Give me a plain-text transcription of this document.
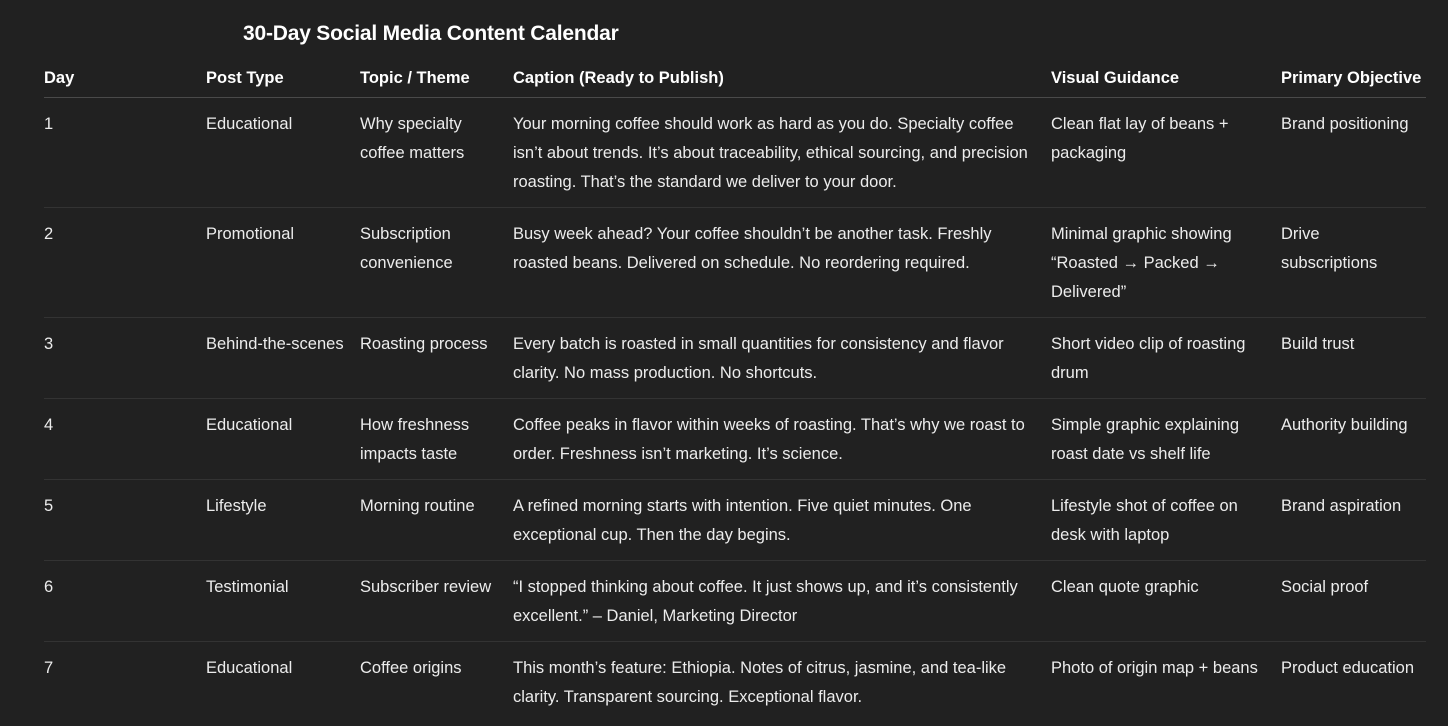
30-Day Social Media Content Calendar
Day	Post Type	Topic / Theme	Caption (Ready to Publish)	Visual Guidance	Primary Objective
1	Educational	Why specialty coffee matters	Your morning coffee should work as hard as you do. Specialty coffee isn’t about trends. It’s about traceability, ethical sourcing, and precision roasting. That’s the standard we deliver to your door.	Clean flat lay of beans + packaging	Brand positioning
2	Promotional	Subscription convenience	Busy week ahead? Your coffee shouldn’t be another task. Freshly roasted beans. Delivered on schedule. No reordering required.	Minimal graphic showing “Roasted → Packed → Delivered”	Drive subscriptions
3	Behind-the-scenes	Roasting process	Every batch is roasted in small quantities for consistency and flavor clarity. No mass production. No shortcuts.	Short video clip of roasting drum	Build trust
4	Educational	How freshness impacts taste	Coffee peaks in flavor within weeks of roasting. That’s why we roast to order. Freshness isn’t marketing. It’s science.	Simple graphic explaining roast date vs shelf life	Authority building
5	Lifestyle	Morning routine	A refined morning starts with intention. Five quiet minutes. One exceptional cup. Then the day begins.	Lifestyle shot of coffee on desk with laptop	Brand aspiration
6	Testimonial	Subscriber review	“I stopped thinking about coffee. It just shows up, and it’s consistently excellent.” – Daniel, Marketing Director	Clean quote graphic	Social proof
7	Educational	Coffee origins	This month’s feature: Ethiopia. Notes of citrus, jasmine, and tea-like clarity. Transparent sourcing. Exceptional flavor.	Photo of origin map + beans	Product education
